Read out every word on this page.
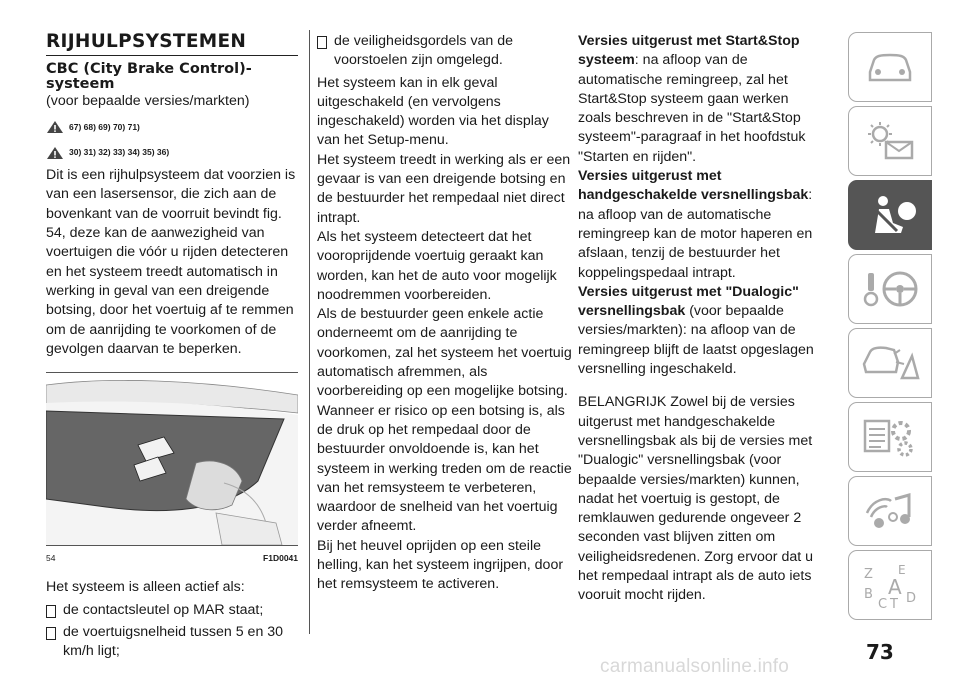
RIJHULPSYSTEMEN
CBC (City Brake Control)-systeem

(voor bepaalde versies/markten)

67) 68) 69) 70) 71)
30) 31) 32) 33) 34) 35) 36)

Dit is een rijhulpsysteem dat voorzien is van een lasersensor, die zich aan de bovenkant van de voorruit bevindt fig. 54, deze kan de aanwezigheid van voertuigen die vóór u rijden detecteren en het systeem treedt automatisch in werking in geval van een dreigende botsing, door het voertuig af te remmen om de aanrijding te voorkomen of de gevolgen daarvan te beperken.

54	F1D0041

Het systeem is alleen actief als:

de contactsleutel op MAR staat;
de voertuigsnelheid tussen 5 en 30 km/h ligt;
de veiligheidsgordels van de voorstoelen zijn omgelegd.

Het systeem kan in elk geval uitgeschakeld (en vervolgens ingeschakeld) worden via het display van het Setup-menu.

Het systeem treedt in werking als er een gevaar is van een dreigende botsing en de bestuurder het rempedaal niet direct intrapt.

Als het systeem detecteert dat het vooroprijdende voertuig geraakt kan worden, kan het de auto voor mogelijk noodremmen voorbereiden.

Als de bestuurder geen enkele actie onderneemt om de aanrijding te voorkomen, zal het systeem het voertuig automatisch afremmen, als voorbereiding op een mogelijke botsing.

Wanneer er risico op een botsing is, als de druk op het rempedaal door de bestuurder onvoldoende is, kan het systeem in werking treden om de reactie van het remsysteem te verbeteren, waardoor de snelheid van het voertuig verder afneemt.

Bij het heuvel oprijden op een steile helling, kan het systeem ingrijpen, door het remsysteem te activeren.

Versies uitgerust met Start&Stop systeem: na afloop van de automatische remingreep, zal het Start&Stop systeem gaan werken zoals beschreven in de "Start&Stop systeem"-paragraaf in het hoofdstuk "Starten en rijden".

Versies uitgerust met handgeschakelde versnellingsbak: na afloop van de automatische remingreep kan de motor haperen en afslaan, tenzij de bestuurder het koppelingspedaal intrapt.

Versies uitgerust met "Dualogic" versnellingsbak (voor bepaalde versies/markten): na afloop van de remingreep blijft de laatst opgeslagen versnelling ingeschakeld.

BELANGRIJK Zowel bij de versies uitgerust met handgeschakelde versnellingsbak als bij de versies met "Dualogic" versnellingsbak (voor bepaalde versies/markten) kunnen, nadat het voertuig is gestopt, de remklauwen gedurende ongeveer 2 seconden vast blijven zitten om veiligheidsredenen. Zorg ervoor dat u het rempedaal intrapt als de auto iets vooruit mocht rijden.

Z E
B A
C T D
73
carmanualsonline.info
